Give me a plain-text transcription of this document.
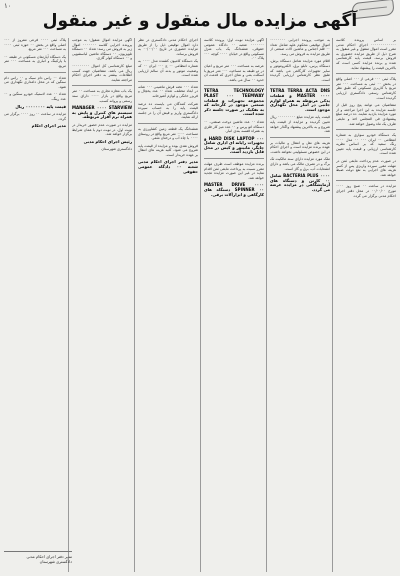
۱۰
آگهی مزایده مال منقول و غیر منقول

بر اساس پرونده کلاسه ۰۰۰۰۰۰۰۰۰۰۰۰۰ اجرای احکام مدنی مقرر است اموال منقول و غیر منقول به شرح ذیل از طریق مزایده حضوری به فروش برسد. قیمت پایه کارشناسی شده و برنده مزایده کسی است که بالاترین قیمت را پیشنهاد نماید.

پلاک ثبتی ۰۰۰ فرعی از ۰۰۰ اصلی واقع در بخش ۰۰ ثبتی به مساحت ۰۰۰ متر مربع با کاربری مسکونی که طبق نظر کارشناس رسمی دادگستری ارزیابی گردیده است.

متقاضیان می توانند پنج روز قبل از جلسه مزایده به این اجرا مراجعه و از مورد مزایده بازدید نمایند. ده درصد مبلغ پیشنهادی فی المجلس اخذ و مابقی ظرف یک ماه وصول خواهد شد.

یک دستگاه خودرو سواری به شماره انتظامی ۰۰ ایران ۰۰۰ ۰۰ مدل ۰۰۰۰ رنگ سفید که بر اساس نظریه کارشناسی ارزیابی و قیمت پایه تعیین شده است.

در صورت عدم پرداخت مابقی ثمن در مهلت مقرر سپرده واریزی پس از کسر هزینه های اجرایی به نفع دولت ضبط خواهد شد.

مزایده در ساعت ۰۰ صبح روز ۰۰۰۰ مورخ ۰۰/۰۰/۰۰ در محل دفتر اجرای احکام مدنی برگزار می گردد.

به موجب پرونده اجرایی ۰۰۰۰۰۰۰۰ اموال توقیفی محکوم علیه شامل تعداد ۰۰ قلم اجناس و ماشین آلات صنعتی از طریق مزایده به فروش می رسد.

اقلام مورد مزایده شامل دستگاه برش، دستگاه پرس، تابلو برق، الکتروموتور و سایر تجهیزات کارگاهی می باشد که طبق نظر کارشناس ارزیابی گردیده است.

TETRA TERRA ACTA DNS MASTER ۰۰۰۰ و قطعات یدکی مربوطه به همراه لوازم جانبی در انبار محل نگهداری موجود است.

قیمت پایه مزایده مبلغ ۰۰۰۰۰۰۰۰۰ ریال تعیین گردیده و مزایده از قیمت پایه شروع و به بالاترین پیشنهاد واگذار خواهد شد.

هزینه های نقل و انتقال و مالیات بر عهده برنده مزایده است و اجرای احکام در این خصوص مسئولیتی نخواهد داشت.

ملک مورد مزایده دارای سند مالکیت تک برگ و در تصرف مالک می باشد و دارای انشعابات آب، برق و گاز است.

BACTERIA PLUS ۰۰۰۰ شامل ۰۰ کارتن و دستگاه های آزمایشگاهی در مزایده عرضه می گردد.

آگهی مزایده نوبت اول: پرونده کلاسه ۰۰۰۰۰۰۰ شعبه ۰۰ دادگاه عمومی حقوقی، ششدانگ یک باب منزل مسکونی واقع در خیابان ۰۰۰۰ کوچه ۰۰۰ پلاک ۰۰.

عرصه به مساحت ۰۰۰ متر مربع و اعیان در دو طبقه به مساحت ۰۰۰ متر مربع با اسکلت بتنی و نمای آجری که قدمت آن حدود ۰۰ سال می باشد.

TETRA TECHNOLOGY PLAST ۰۰۰ TEEMWAY مجموعه تجهیزات و قطعات صنعتی موجود در کارخانه که به تفکیک در صورت جلسه ذکر شده است.

تعداد ۰۰ عدد ماشین دوخت صنعتی، ۰۰ دستگاه اتو پرس و ۰۰ عدد میز کار فلزی به همراه قفسه بندی انبار.

HARD DISK LAPTOP ۰۰۰ و تجهیزات رایانه ای اداری شامل چاپگر، مانیتور و کیس در محل قابل بازدید است.

برنده مزایده موظف است ظرف مهلت مقرر نسبت به پرداخت مابقی ثمن اقدام نماید در غیر این صورت مزایده تجدید خواهد شد.

MASTER DRIVE ۰۰۰۰ SPINNER ۰۰ دستگاه های کارگاهی و ابزارآلات برقی.

اجرای احکام مدنی دادگستری در نظر دارد اموال توقیفی ذیل را از طریق مزایده حضوری در تاریخ ۰۰/۰۰/۰۰ به فروش برساند.

یک دستگاه کامیون کشنده مدل ۰۰۰۰ به شماره انتظامی ۰۰ ع ۰۰۰ ایران ۰۰ که وضعیت موتور و بدنه آن سالم ارزیابی شده است.

تعداد ۰۰۰ تخته فرش ماشینی ۰۰۰ شانه در ابعاد مختلف، تعداد ۰۰ عدد یخچال و فریزر خانگی و لوازم آشپزخانه.

شرکت کنندگان می بایست ده درصد قیمت پایه را به حساب سپرده دادگستری واریز و فیش آن را در جلسه ارائه نمایند.

ششدانگ یک قطعه زمین کشاورزی به مساحت ۰۰۰۰ متر مربع واقع در روستای ۰۰۰۰ با چاه آب و درختان مثمر.

فروش نقدی بوده و مزایده از قیمت پایه شروع می شود. کلیه هزینه های انتقال بر عهده خریدار است.

مدیر دفتر اجرای احکام مدنی شعبه ۰۰ دادگاه عمومی حقوقی

آگهی مزایده اموال منقول: به موجب پرونده اجرایی کلاسه ۰۰۰۰۰۰۰ اموال زیر به فروش می رسد: تعداد ۰۰ دستگاه تلویزیون، ۰۰ دستگاه ماشین لباسشویی و ۰۰ دستگاه کولر گازی.

مبلغ کارشناسی کل اموال ۰۰۰۰۰۰۰۰۰ ریال می باشد. متقاضیان جهت کسب اطلاعات بیشتر به دفتر اجرای احکام مراجعه نمایند.

یک باب مغازه تجاری به مساحت ۰۰ متر مربع واقع در بازار ۰۰۰۰ دارای سند رسمی و پروانه کسب.

MANAGER ۰۰۰۰ STARVIEW سیستم های کنترل و پایش به همراه نرم افزار مربوطه.

مزایده در صورت عدم حضور خریدار در نوبت اول، در نوبت دوم با همان شرایط برگزار خواهد شد.

رئیس اجرای احکام مدنی

دادگستری شهرستان

پلاک ثبتی ۰۰۰۰ فرعی مفروز از ۰۰۰ اصلی واقع در بخش ۰۰ حوزه ثبتی ۰۰۰۰ به مساحت ۰۰۰ متر مربع.

یک دستگاه آپارتمان مسکونی در طبقه ۰۰ با پارکینگ و انباری به مساحت ۰۰۰ متر مربع.

تعداد ۰۰ راس دام سبک و ۰۰ راس دام سنگین که در محل دامداری نگهداری می شود.

تعداد ۰۰ عدد لاستیک خودرو سنگین و ۰۰ عدد رینگ.

قیمت پایه ۰۰۰۰۰۰۰۰ ریال

مزایده در ساعت ۰۰ روز ۰۰۰۰ برگزار می گردد.

مدیر اجرای احکام

مدیر دفتر اجرای احکام مدنی
دادگستری شهرستان
